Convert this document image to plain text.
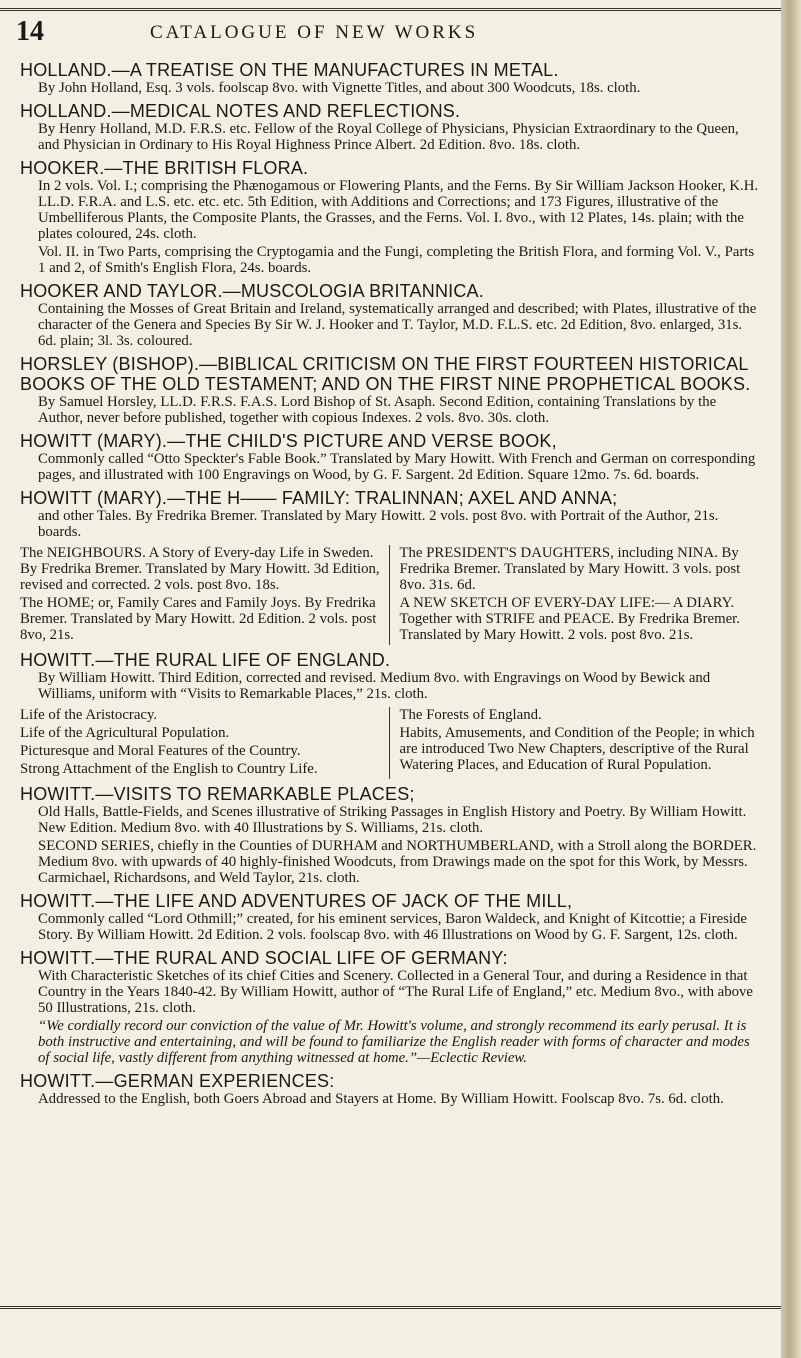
14	CATALOGUE OF NEW WORKS
HOLLAND.—A TREATISE ON THE MANUFACTURES IN METAL.

By John Holland, Esq. 3 vols. foolscap 8vo. with Vignette Titles, and about 300 Woodcuts, 18s. cloth.

HOLLAND.—MEDICAL NOTES AND REFLECTIONS.

By Henry Holland, M.D. F.R.S. etc. Fellow of the Royal College of Physicians, Physician Extraordinary to the Queen, and Physician in Ordinary to His Royal Highness Prince Albert. 2d Edition. 8vo. 18s. cloth.

HOOKER.—THE BRITISH FLORA.

In 2 vols. Vol. I.; comprising the Phænogamous or Flowering Plants, and the Ferns. By Sir William Jackson Hooker, K.H. LL.D. F.R.A. and L.S. etc. etc. etc. 5th Edition, with Additions and Corrections; and 173 Figures, illustrative of the Umbelliferous Plants, the Composite Plants, the Grasses, and the Ferns. Vol. I. 8vo., with 12 Plates, 14s. plain; with the plates coloured, 24s. cloth.

Vol. II. in Two Parts, comprising the Cryptogamia and the Fungi, completing the British Flora, and forming Vol. V., Parts 1 and 2, of Smith's English Flora, 24s. boards.

HOOKER AND TAYLOR.—MUSCOLOGIA BRITANNICA.

Containing the Mosses of Great Britain and Ireland, systematically arranged and described; with Plates, illustrative of the character of the Genera and Species By Sir W. J. Hooker and T. Taylor, M.D. F.L.S. etc. 2d Edition, 8vo. enlarged, 31s. 6d. plain; 3l. 3s. coloured.

HORSLEY (BISHOP).—BIBLICAL CRITICISM ON THE FIRST FOURTEEN HISTORICAL BOOKS OF THE OLD TESTAMENT; AND ON THE FIRST NINE PROPHETICAL BOOKS.

By Samuel Horsley, LL.D. F.R.S. F.A.S. Lord Bishop of St. Asaph. Second Edition, containing Translations by the Author, never before published, together with copious Indexes. 2 vols. 8vo. 30s. cloth.

HOWITT (MARY).—THE CHILD'S PICTURE AND VERSE BOOK,

Commonly called “Otto Speckter's Fable Book.” Translated by Mary Howitt. With French and German on corresponding pages, and illustrated with 100 Engravings on Wood, by G. F. Sargent. 2d Edition. Square 12mo. 7s. 6d. boards.

HOWITT (MARY).—THE H—— FAMILY: TRALINNAN; AXEL AND ANNA;

and other Tales. By Fredrika Bremer. Translated by Mary Howitt. 2 vols. post 8vo. with Portrait of the Author, 21s. boards.

The NEIGHBOURS. A Story of Every-day Life in Sweden. By Fredrika Bremer. Translated by Mary Howitt. 3d Edition, revised and corrected. 2 vols. post 8vo. 18s.

The HOME; or, Family Cares and Family Joys. By Fredrika Bremer. Translated by Mary Howitt. 2d Edition. 2 vols. post 8vo, 21s.

The PRESIDENT'S DAUGHTERS, including NINA. By Fredrika Bremer. Translated by Mary Howitt. 3 vols. post 8vo. 31s. 6d.

A NEW SKETCH OF EVERY-DAY LIFE:— A DIARY. Together with STRIFE and PEACE. By Fredrika Bremer. Translated by Mary Howitt. 2 vols. post 8vo. 21s.

HOWITT.—THE RURAL LIFE OF ENGLAND.

By William Howitt. Third Edition, corrected and revised. Medium 8vo. with Engravings on Wood by Bewick and Williams, uniform with “Visits to Remarkable Places,” 21s. cloth.

Life of the Aristocracy.

Life of the Agricultural Population.

Picturesque and Moral Features of the Country.

Strong Attachment of the English to Country Life.

The Forests of England.

Habits, Amusements, and Condition of the People; in which are introduced Two New Chapters, descriptive of the Rural Watering Places, and Education of Rural Population.

HOWITT.—VISITS TO REMARKABLE PLACES;

Old Halls, Battle-Fields, and Scenes illustrative of Striking Passages in English History and Poetry. By William Howitt. New Edition. Medium 8vo. with 40 Illustrations by S. Williams, 21s. cloth.

SECOND SERIES, chiefly in the Counties of DURHAM and NORTHUMBERLAND, with a Stroll along the BORDER. Medium 8vo. with upwards of 40 highly-finished Woodcuts, from Drawings made on the spot for this Work, by Messrs. Carmichael, Richardsons, and Weld Taylor, 21s. cloth.

HOWITT.—THE LIFE AND ADVENTURES OF JACK OF THE MILL,

Commonly called “Lord Othmill;” created, for his eminent services, Baron Waldeck, and Knight of Kitcottie; a Fireside Story. By William Howitt. 2d Edition. 2 vols. foolscap 8vo. with 46 Illustrations on Wood by G. F. Sargent, 12s. cloth.

HOWITT.—THE RURAL AND SOCIAL LIFE OF GERMANY:

With Characteristic Sketches of its chief Cities and Scenery. Collected in a General Tour, and during a Residence in that Country in the Years 1840-42. By William Howitt, author of “The Rural Life of England,” etc. Medium 8vo., with above 50 Illustrations, 21s. cloth.

“We cordially record our conviction of the value of Mr. Howitt's volume, and strongly recommend its early perusal. It is both instructive and entertaining, and will be found to familiarize the English reader with forms of character and modes of social life, vastly different from anything witnessed at home.”—Eclectic Review.

HOWITT.—GERMAN EXPERIENCES:

Addressed to the English, both Goers Abroad and Stayers at Home. By William Howitt. Foolscap 8vo. 7s. 6d. cloth.
